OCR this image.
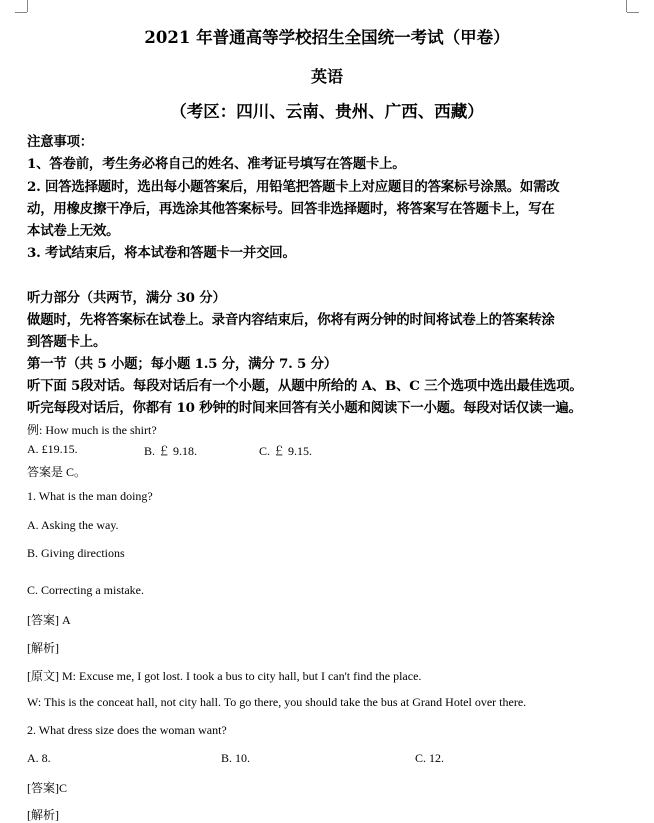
2021 年普通高等学校招生全国统一考试（甲卷）
英语
（考区：四川、云南、贵州、广西、西藏）
注意事项：
1、答卷前，考生务必将自己的姓名、准考证号填写在答题卡上。
2. 回答选择题时，选出每小题答案后，用铅笔把答题卡上对应题目的答案标号涂黑。如需改
动，用橡皮擦干净后，再选涂其他答案标号。回答非选择题时，将答案写在答题卡上，写在
本试卷上无效。
3. 考试结束后，将本试卷和答题卡一并交回。
听力部分（共两节，满分 30 分）
做题时，先将答案标在试卷上。录音内容结束后，你将有两分钟的时间将试卷上的答案转涂
到答题卡上。
第一节（共 5 小题；每小题 1.5 分，满分 7. 5 分）
听下面 5段对话。每段对话后有一个小题，从题中所给的 A、B、C 三个选项中选出最佳选项。
听完每段对话后，你都有 10 秒钟的时间来回答有关小题和阅读下一小题。每段对话仅读一遍。
例: How much is the shirt?
A. £19.15.	B. ￡ 9.18.	C. ￡ 9.15.
答案是 C。
1. What is the man doing?
A. Asking the way.
B. Giving directions
C. Correcting a mistake.
[答案] A
[解析]
[原文] M: Excuse me, I got lost. I took a bus to city hall, but I can't find the place.
W: This is the conceat hall, not city hall. To go there, you should take the bus at Grand Hotel over there.
2. What dress size does the woman want?
A. 8.	B. 10.	C. 12.
[答案]C
[解析]
